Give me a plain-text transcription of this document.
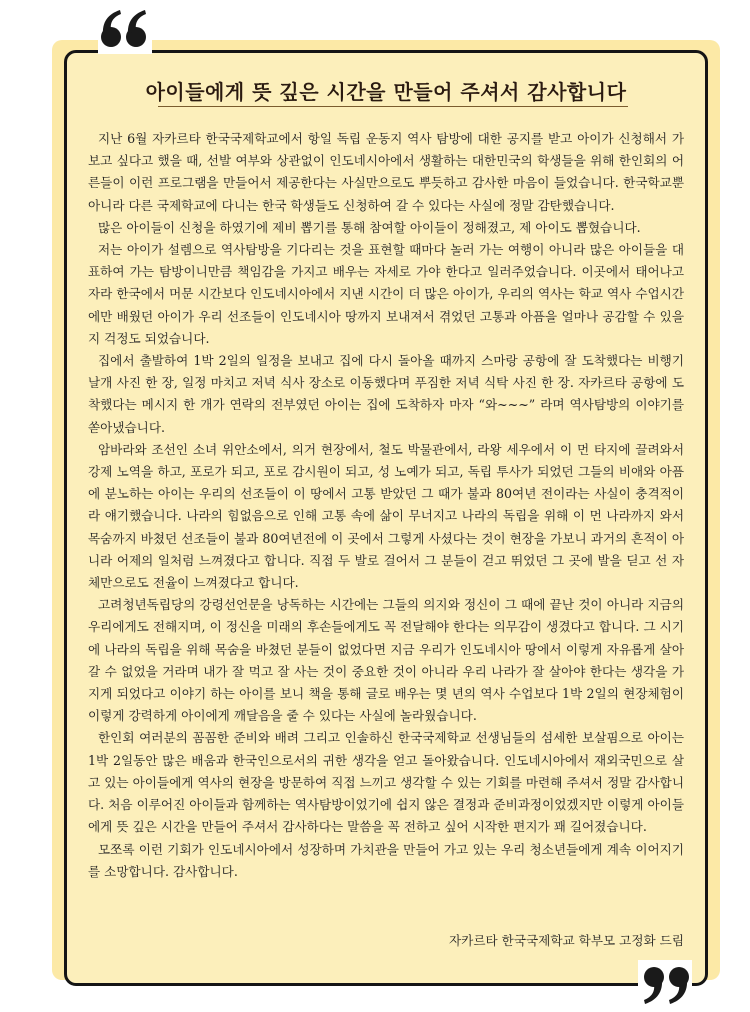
아이들에게 뜻 깊은 시간을 만들어 주셔서 감사합니다

지난 6월 자카르타 한국국제학교에서 항일 독립 운동지 역사 탐방에 대한 공지를 받고 아이가 신청해서 가보고 싶다고 했을 때, 선발 여부와 상관없이 인도네시아에서 생활하는 대한민국의 학생들을 위해 한인회의 어른들이 이런 프로그램을 만들어서 제공한다는 사실만으로도 뿌듯하고 감사한 마음이 들었습니다. 한국학교뿐 아니라 다른 국제학교에 다니는 한국 학생들도 신청하여 갈 수 있다는 사실에 정말 감탄했습니다.

많은 아이들이 신청을 하였기에 제비 뽑기를 통해 참여할 아이들이 정해졌고, 제 아이도 뽑혔습니다.

저는 아이가 설렘으로 역사탐방을 기다리는 것을 표현할 때마다 놀러 가는 여행이 아니라 많은 아이들을 대표하여 가는 탐방이니만큼 책임감을 가지고 배우는 자세로 가야 한다고 일러주었습니다. 이곳에서 태어나고 자라 한국에서 머문 시간보다 인도네시아에서 지낸 시간이 더 많은 아이가, 우리의 역사는 학교 역사 수업시간에만 배웠던 아이가 우리 선조들이 인도네시아 땅까지 보내져서 겪었던 고통과 아픔을 얼마나 공감할 수 있을지 걱정도 되었습니다.

집에서 출발하여 1박 2일의 일정을 보내고 집에 다시 돌아올 때까지 스마랑 공항에 잘 도착했다는 비행기 날개 사진 한 장, 일정 마치고 저녁 식사 장소로 이동했다며 푸짐한 저녁 식탁 사진 한 장. 자카르타 공항에 도착했다는 메시지 한 개가 연락의 전부였던 아이는 집에 도착하자 마자 “와~~~” 라며 역사탐방의 이야기를 쏟아냈습니다.

암바라와 조선인 소녀 위안소에서, 의거 현장에서, 철도 박물관에서, 라왕 세우에서 이 먼 타지에 끌려와서 강제 노역을 하고, 포로가 되고, 포로 감시원이 되고, 성 노예가 되고, 독립 투사가 되었던 그들의 비애와 아픔에 분노하는 아이는 우리의 선조들이 이 땅에서 고통 받았던 그 때가 불과 80여년 전이라는 사실이 충격적이라 얘기했습니다. 나라의 힘없음으로 인해 고통 속에 삶이 무너지고 나라의 독립을 위해 이 먼 나라까지 와서 목숨까지 바쳤던 선조들이 불과 80여년전에 이 곳에서 그렇게 사셨다는 것이 현장을 가보니 과거의 흔적이 아니라 어제의 일처럼 느껴졌다고 합니다. 직접 두 발로 걸어서 그 분들이 걷고 뛰었던 그 곳에 발을 딛고 선 자체만으로도 전율이 느껴졌다고 합니다.

고려청년독립당의 강령선언문을 낭독하는 시간에는 그들의 의지와 정신이 그 때에 끝난 것이 아니라 지금의 우리에게도 전해지며, 이 정신을 미래의 후손들에게도 꼭 전달해야 한다는 의무감이 생겼다고 합니다. 그 시기에 나라의 독립을 위해 목숨을 바쳤던 분들이 없었다면 지금 우리가 인도네시아 땅에서 이렇게 자유롭게 살아갈 수 없었을 거라며 내가 잘 먹고 잘 사는 것이 중요한 것이 아니라 우리 나라가 잘 살아야 한다는 생각을 가지게 되었다고 이야기 하는 아이를 보니 책을 통해 글로 배우는 몇 년의 역사 수업보다 1박 2일의 현장체험이 이렇게 강력하게 아이에게 깨달음을 줄 수 있다는 사실에 놀라웠습니다.

한인회 여러분의 꼼꼼한 준비와 배려 그리고 인솔하신 한국국제학교 선생님들의 섬세한 보살핌으로 아이는 1박 2일동안 많은 배움과 한국인으로서의 귀한 생각을 얻고 돌아왔습니다. 인도네시아에서 재외국민으로 살고 있는 아이들에게 역사의 현장을 방문하여 직접 느끼고 생각할 수 있는 기회를 마련해 주셔서 정말 감사합니다. 처음 이루어진 아이들과 함께하는 역사탐방이었기에 쉽지 않은 결정과 준비과정이었겠지만 이렇게 아이들에게 뜻 깊은 시간을 만들어 주셔서 감사하다는 말씀을 꼭 전하고 싶어 시작한 편지가 꽤 길어졌습니다.

모쪼록 이런 기회가 인도네시아에서 성장하며 가치관을 만들어 가고 있는 우리 청소년들에게 계속 이어지기를 소망합니다. 감사합니다.

자카르타 한국국제학교 학부모 고정화 드림
